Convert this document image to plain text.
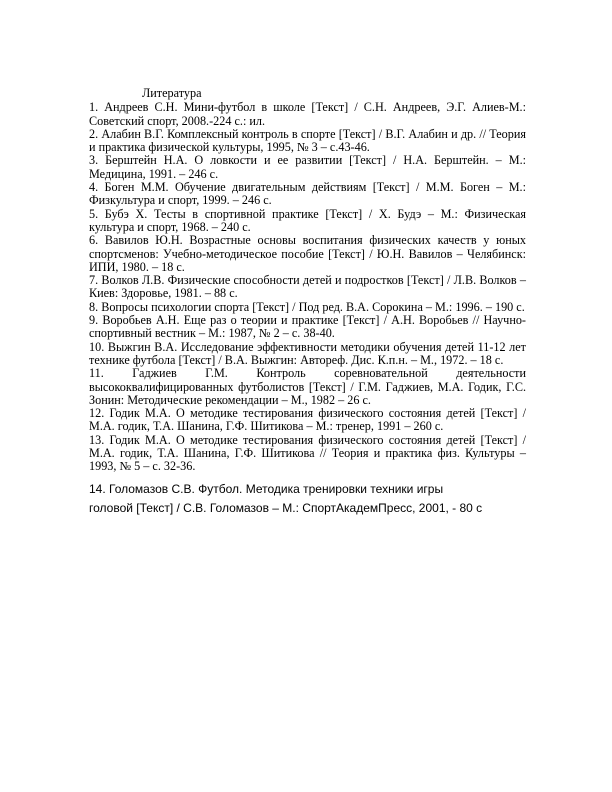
Литература
1. Андреев С.Н. Мини-футбол в школе [Текст] / С.Н. Андреев, Э.Г. Алиев-М.: Советский спорт, 2008.-224 с.: ил.
2. Алабин В.Г. Комплексный контроль в спорте [Текст] / В.Г. Алабин и др. // Теория и практика физической культуры, 1995, № 3 – с.43-46.
3. Берштейн Н.А. О ловкости и ее развитии [Текст] / Н.А. Берштейн. – М.: Медицина, 1991. – 246 с.
4. Боген М.М. Обучение двигательным действиям [Текст] / М.М. Боген – М.: Физкультура и спорт, 1999. – 246 с.
5. Бубэ Х. Тесты в спортивной практике [Текст] / Х. Будэ – М.: Физическая культура и спорт, 1968. – 240 с.
6. Вавилов Ю.Н. Возрастные основы воспитания физических качеств у юных спортсменов: Учебно-методическое пособие [Текст] / Ю.Н. Вавилов – Челябинск: ИПИ, 1980. – 18 с.
7. Волков Л.В. Физические способности детей и подростков [Текст] / Л.В. Волков – Киев: Здоровье, 1981. – 88 с.
8. Вопросы психологии спорта [Текст] / Под ред. В.А. Сорокина – М.: 1996. – 190 с.
9. Воробьев А.Н. Еще раз о теории и практике [Текст] / А.Н. Воробьев // Научно-спортивный вестник – М.: 1987, № 2 – с. 38-40.
10. Выжгин В.А. Исследование эффективности методики обучения детей 11-12 лет технике футбола [Текст] / В.А. Выжгин: Автореф. Дис. К.п.н. – М., 1972. – 18 с.
11. Гаджиев Г.М. Контроль соревновательной деятельности высококвалифицированных футболистов [Текст] / Г.М. Гаджиев, М.А. Годик, Г.С. Зонин: Методические рекомендации – М., 1982 – 26 с.
12. Годик М.А. О методике тестирования физического состояния детей [Текст] / М.А. годик, Т.А. Шанина, Г.Ф. Шитикова – М.: тренер, 1991 – 260 с.
13. Годик М.А. О методике тестирования физического состояния детей [Текст] / М.А. годик, Т.А. Шанина, Г.Ф. Шитикова // Теория и практика физ. Культуры – 1993, № 5 – с. 32-36.
14. Голомазов С.В. Футбол. Методика тренировки техники игры
головой [Текст] / С.В. Голомазов – М.: СпортАкадемПресс, 2001, - 80 с
